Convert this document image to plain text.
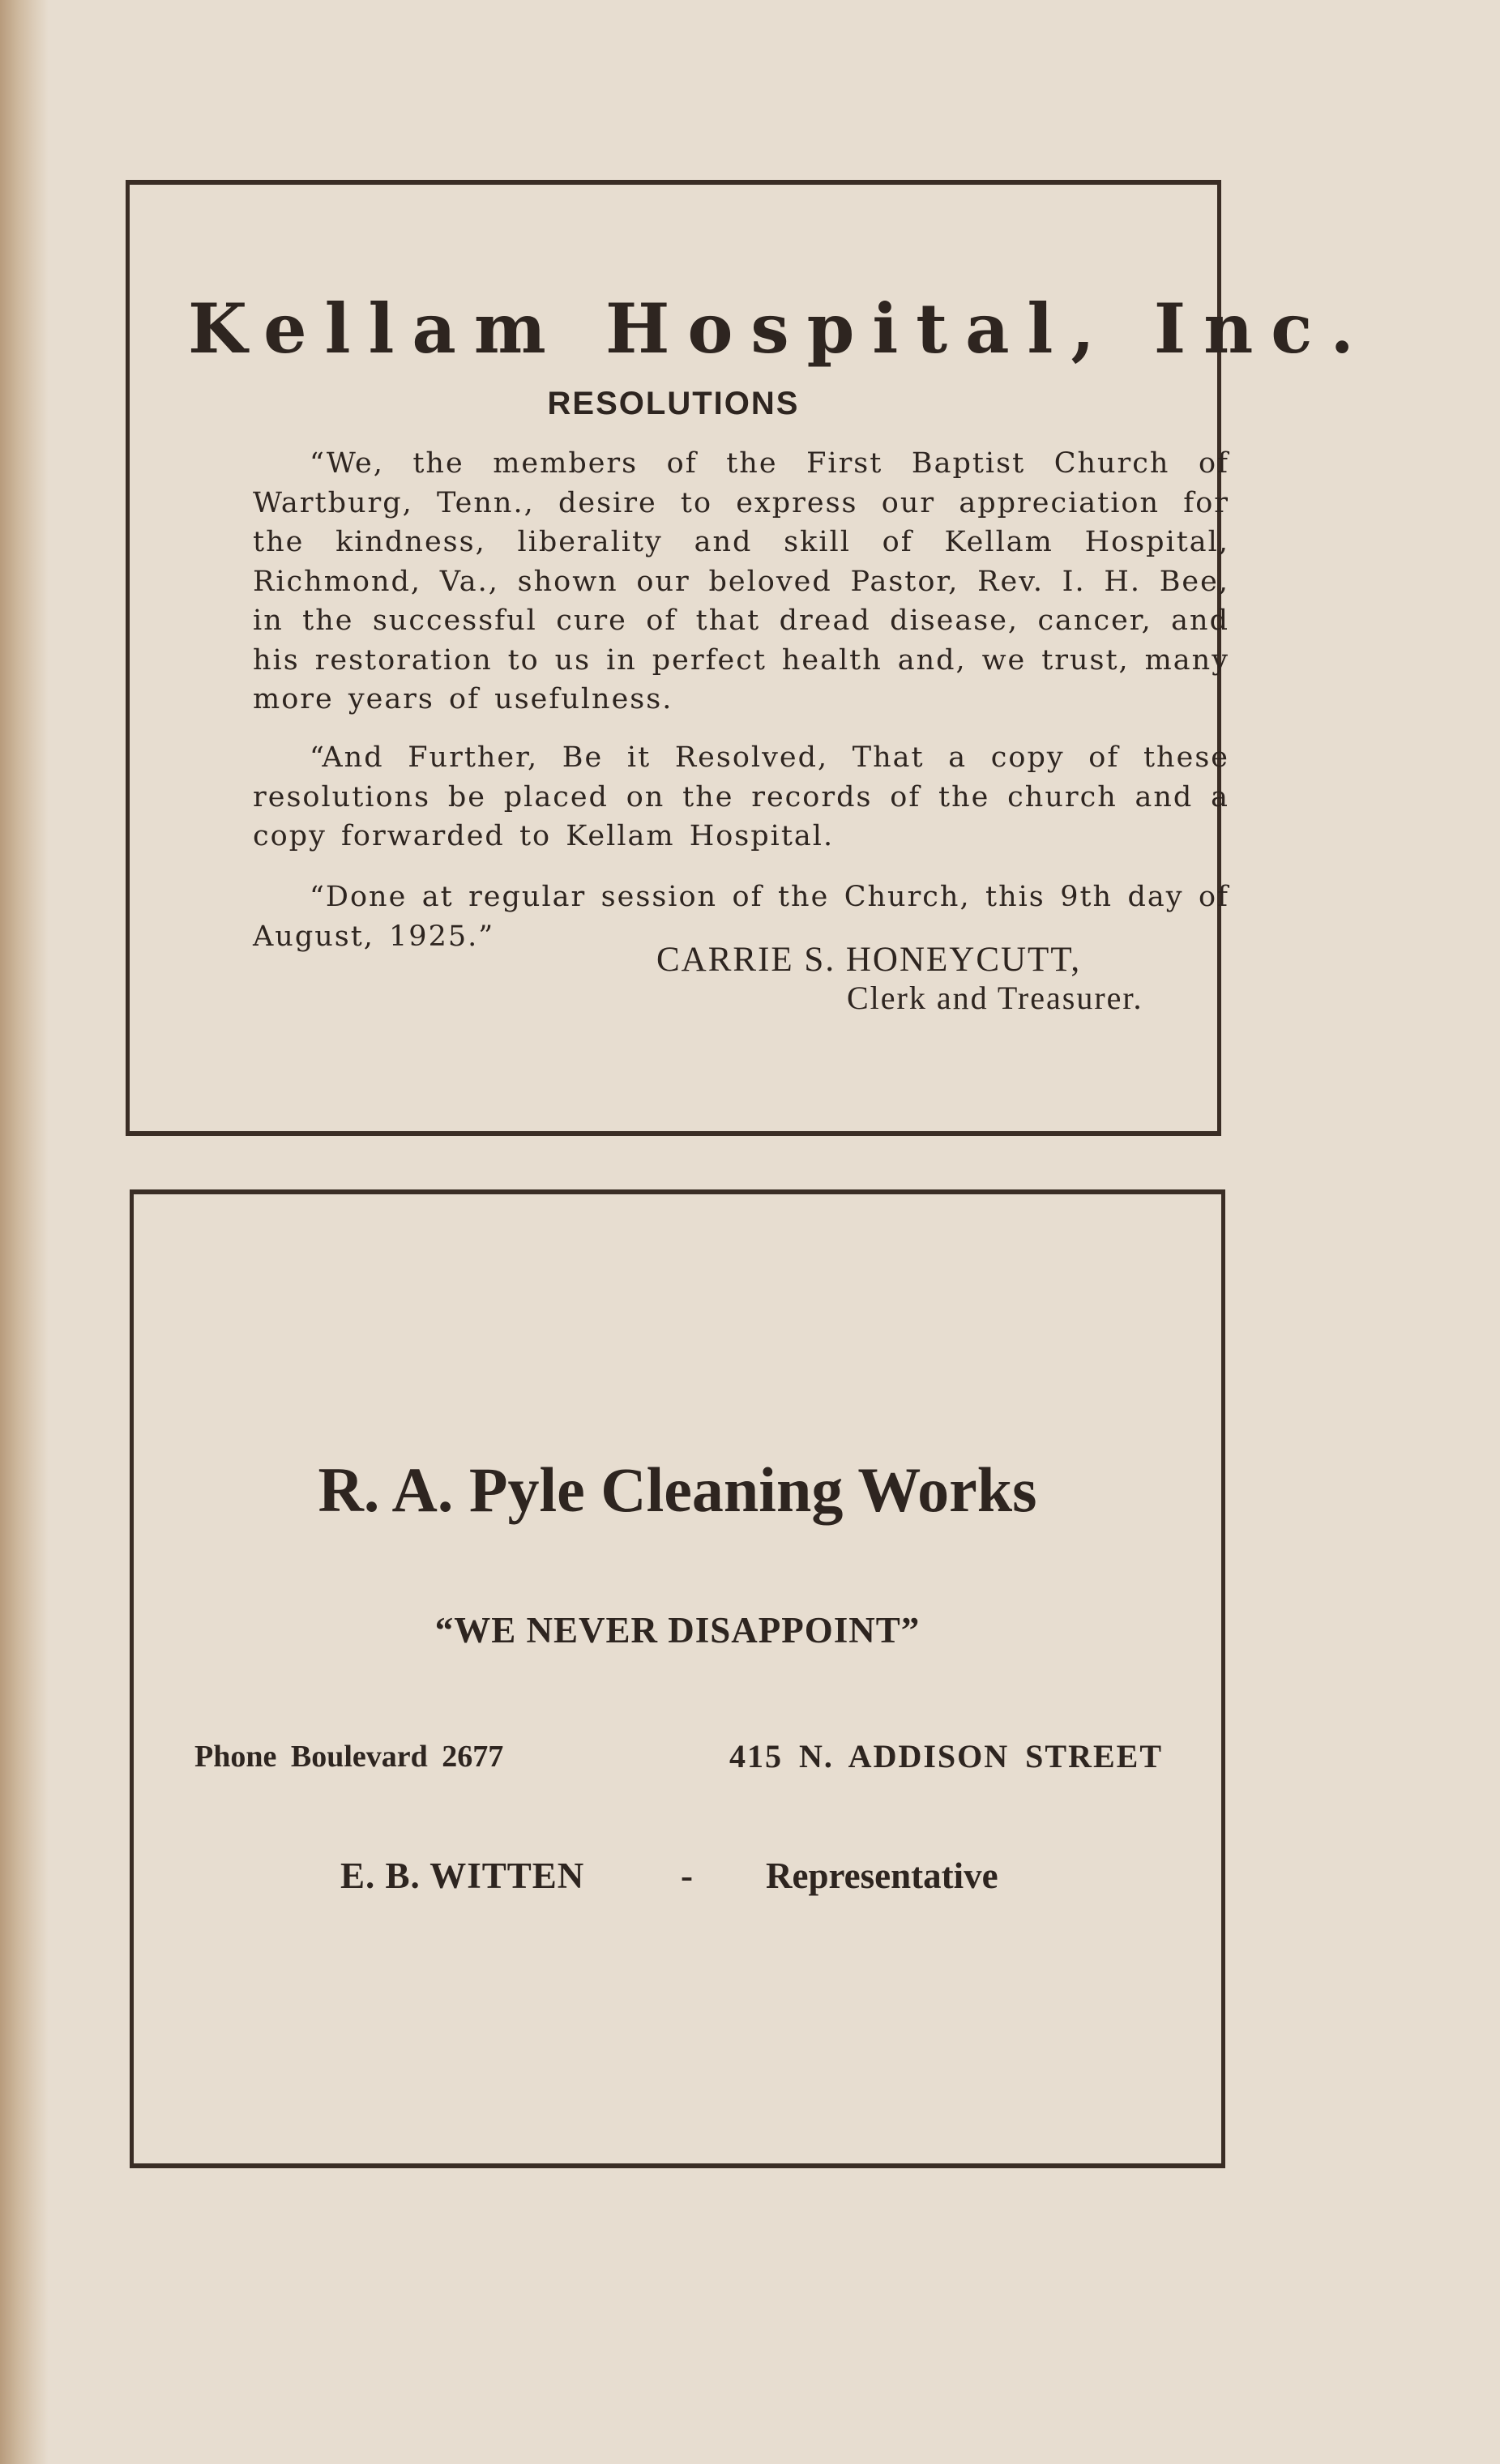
Kellam Hospital, Inc.
RESOLUTIONS

“We, the members of the First Baptist Church of Wartburg, Tenn., desire to express our appreciation for the kindness, liberality and skill of Kellam Hospital, Richmond, Va., shown our beloved Pastor, Rev. I. H. Bee, in the successful cure of that dread disease, cancer, and his restoration to us in perfect health and, we trust, many more years of usefulness.

“And Further, Be it Resolved, That a copy of these resolutions be placed on the records of the church and a copy forwarded to Kellam Hospital.

“Done at regular session of the Church, this 9th day of August, 1925.”

CARRIE S. HONEYCUTT,

Clerk and Treasurer.

R. A. Pyle Cleaning Works

“WE NEVER DISAPPOINT”

Phone Boulevard 2677	415 N. ADDISON STREET

E. B. WITTEN	- Representative
